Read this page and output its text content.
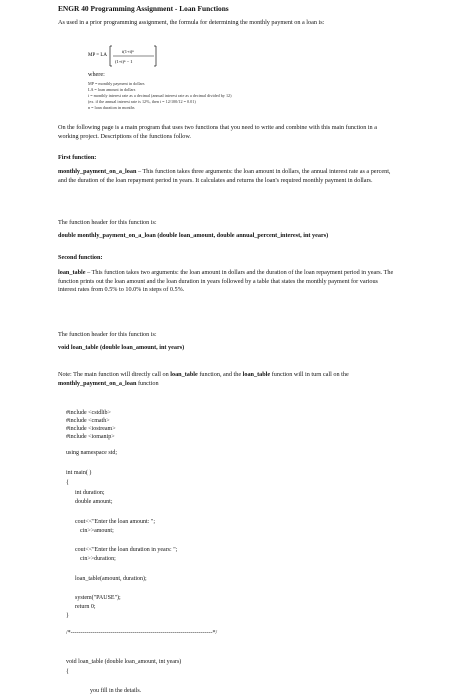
ENGR 40 Programming Assignment - Loan Functions
As used in a prior programming assignment, the formula for determining the monthly payment on a loan is:
MP = LA
i(1+i)ⁿ
(1+i)ⁿ − 1
where:
MP = monthly payment in dollars
LA = loan amount in dollars
i = monthly interest rate as a decimal (annual interest rate as a decimal divided by 12)
(ex. if the annual interest rate is 12%, then i = 12/100/12 = 0.01)
n = loan duration in months
On the following page is a main program that uses two functions that you need to write and combine with this main function in a working project. Descriptions of the functions follow.
First function:
monthly_payment_on_a_loan – This function takes three arguments: the loan amount in dollars, the annual interest rate as a percent, and the duration of the loan repayment period in years. It calculates and returns the loan's required monthly payment in dollars.
The function header for this function is:
double monthly_payment_on_a_loan (double loan_amount, double annual_percent_interest, int years)
Second function:
loan_table – This function takes two arguments: the loan amount in dollars and the duration of the loan repayment period in years. The function prints out the loan amount and the loan duration in years followed by a table that states the monthly payment for various interest rates from 0.5% to 10.0% in steps of 0.5%.
The function header for this function is:
void loan_table (double loan_amount, int years)
Note: The main function will directly call on loan_table function, and the loan_table function will in turn call on the monthly_payment_on_a_loan function
#include <cstdlib>
#include <cmath>
#include <iostream>
#include <iomanip>
using namespace std;
int main( )
{
int duration;
double amount;
cout<<"Enter the loan amount: ";
cin>>amount;
cout<<"Enter the loan duration in years: ";
cin>>duration;
loan_table(amount, duration);
system("PAUSE");
return 0;
}
/*-----------------------------------------------------------------------*/
void loan_table (double loan_amount, int years)
{
you fill in the details.
